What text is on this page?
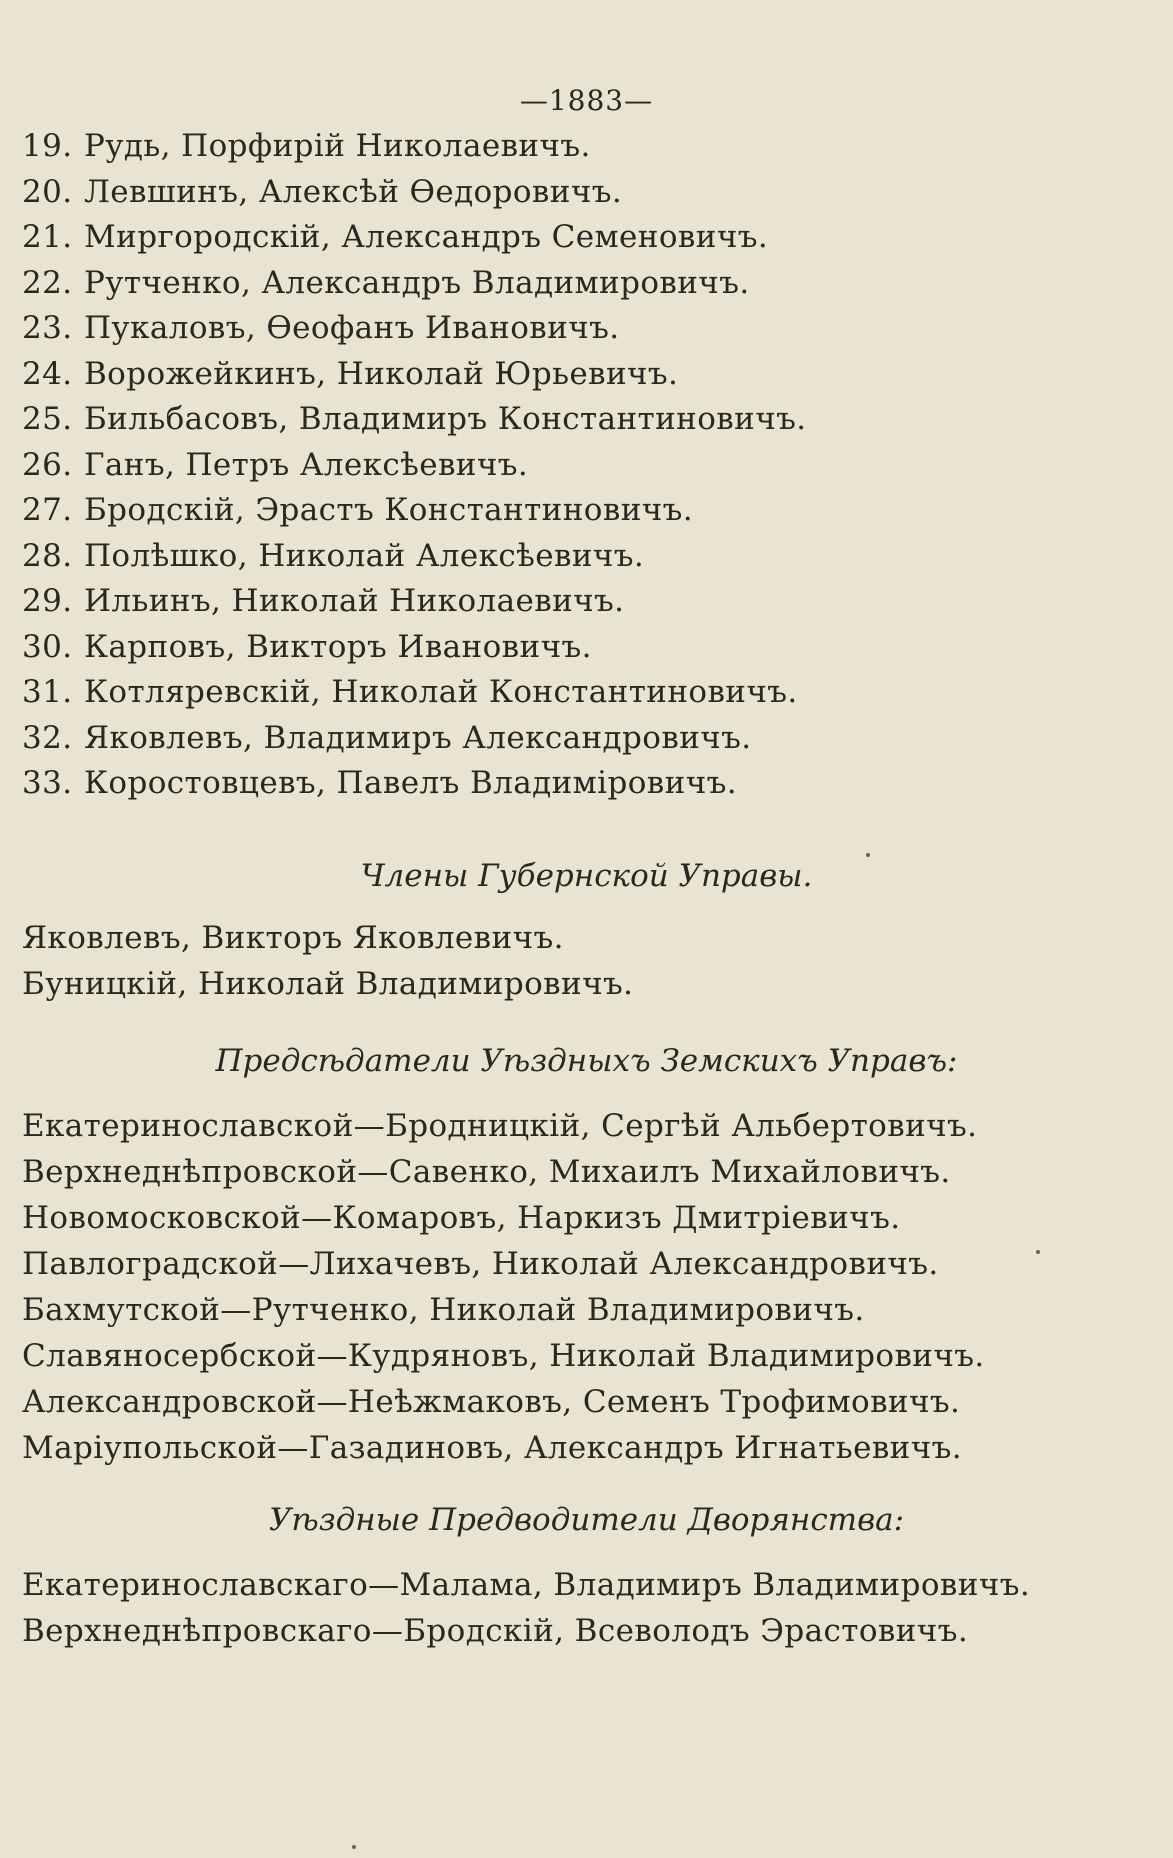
—1883—
19. Рудь, Порфирій Николаевичъ.
20. Левшинъ, Алексѣй Ѳедоровичъ.
21. Миргородскій, Александръ Семеновичъ.
22. Рутченко, Александръ Владимировичъ.
23. Пукаловъ, Ѳеофанъ Ивановичъ.
24. Ворожейкинъ, Николай Юрьевичъ.
25. Бильбасовъ, Владимиръ Константиновичъ.
26. Ганъ, Петръ Алексѣевичъ.
27. Бродскій, Эрастъ Константиновичъ.
28. Полѣшко, Николай Алексѣевичъ.
29. Ильинъ, Николай Николаевичъ.
30. Карповъ, Викторъ Ивановичъ.
31. Котляревскій, Николай Константиновичъ.
32. Яковлевъ, Владимиръ Александровичъ.
33. Коростовцевъ, Павелъ Владиміровичъ.
Члены Губернской Управы.
Яковлевъ, Викторъ Яковлевичъ.
Буницкій, Николай Владимировичъ.
Предсѣдатели Уѣздныхъ Земскихъ Управъ:
Екатеринославской—Бродницкій, Сергѣй Альбертовичъ.
Верхнеднѣпровской—Савенко, Михаилъ Михайловичъ.
Новомосковской—Комаровъ, Наркизъ Дмитріевичъ.
Павлоградской—Лихачевъ, Николай Александровичъ.
Бахмутской—Рутченко, Николай Владимировичъ.
Славяносербской—Кудряновъ, Николай Владимировичъ.
Александровской—Неѣжмаковъ, Семенъ Трофимовичъ.
Маріупольской—Газадиновъ, Александръ Игнатьевичъ.
Уѣздные Предводители Дворянства:
Екатеринославскаго—Малама, Владимиръ Владимировичъ.
Верхнеднѣпровскаго—Бродскій, Всеволодъ Эрастовичъ.
